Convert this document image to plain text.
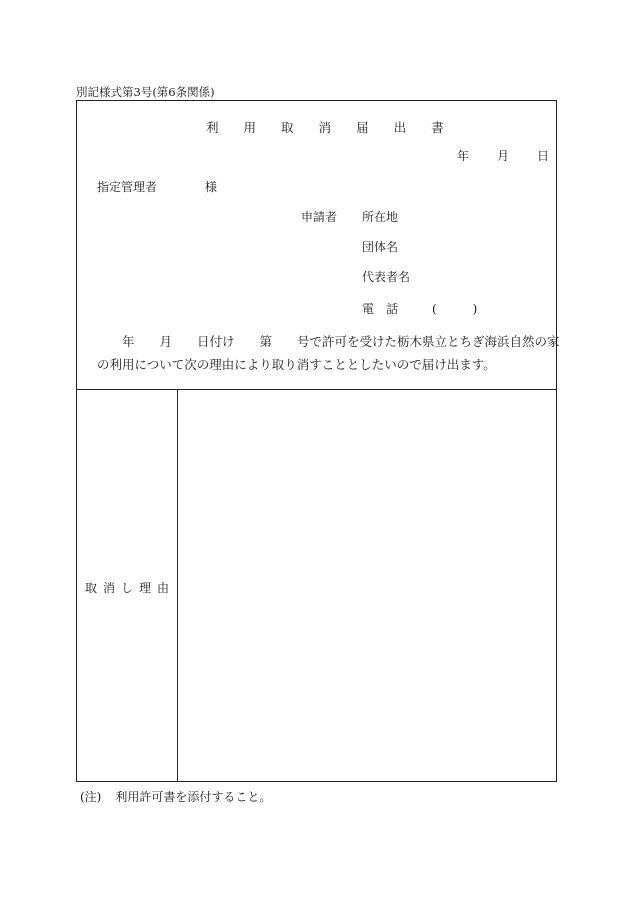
別記様式第3号(第6条関係)
利 用 取 消 届 出 書
年 月 日
指定管理者	様
申請者 所在地
団体名
代表者名
電 話	(　　　)
　　年　　月　　日付け　　第　　号で許可を受けた栃木県立とちぎ海浜自然の家
の利用について次の理由により取り消すこととしたいので届け出ます。
取消し理由
(注) 利用許可書を添付すること。
